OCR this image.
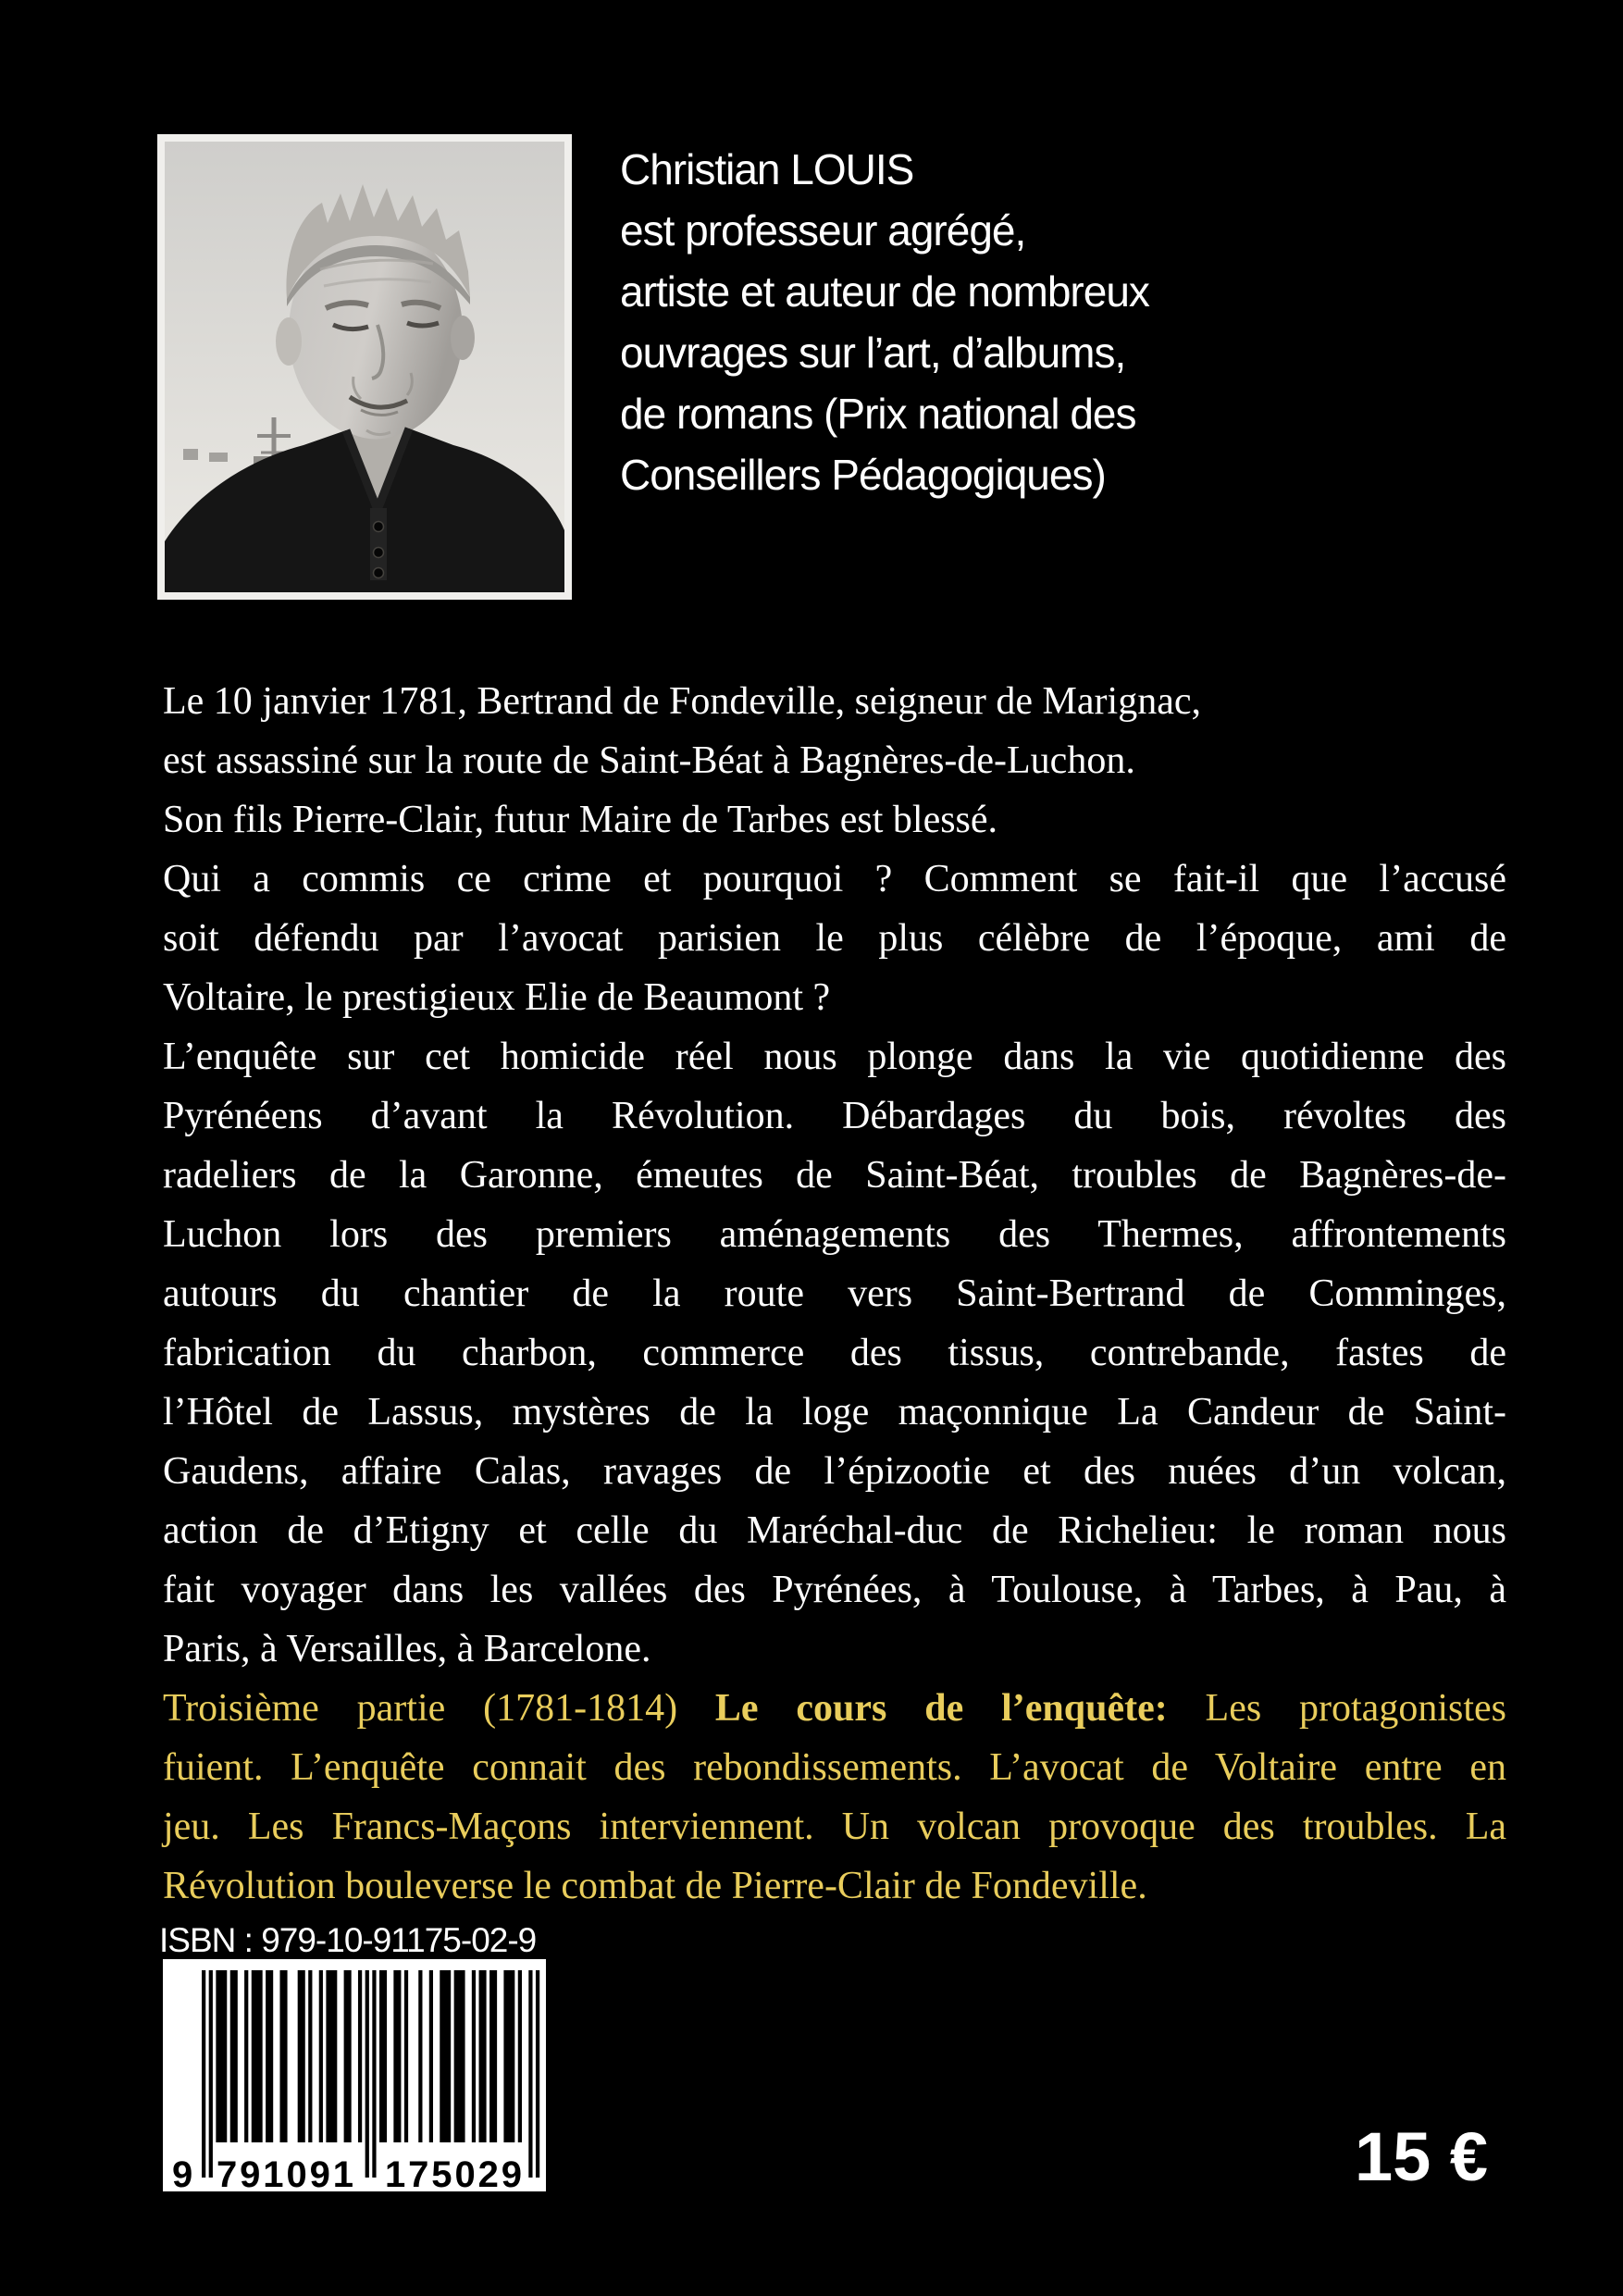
Christian LOUIS
est professeur agrégé,
artiste et auteur de nombreux
ouvrages sur l’art, d’albums,
de romans (Prix national des
Conseillers Pédagogiques)
Le 10 janvier 1781, Bertrand de Fondeville, seigneur de Marignac,
est assassiné sur la route de Saint-Béat à Bagnères-de-Luchon.
Son fils Pierre-Clair, futur Maire de Tarbes est blessé.
Qui a commis ce crime et pourquoi ? Comment se fait-il que l’accusé
soit défendu par l’avocat parisien le plus célèbre de l’époque, ami de
Voltaire, le prestigieux Elie de Beaumont ?
L’enquête sur cet homicide réel nous plonge dans la vie quotidienne des
Pyrénéens d’avant la Révolution. Débardages du bois, révoltes des
radeliers de la Garonne, émeutes de Saint-Béat, troubles de Bagnères-de-
Luchon lors des premiers aménagements des Thermes, affrontements
autours du chantier de la route vers Saint-Bertrand de Comminges,
fabrication du charbon, commerce des tissus, contrebande, fastes de
l’Hôtel de Lassus, mystères de la loge maçonnique La Candeur de Saint-
Gaudens, affaire Calas, ravages de l’épizootie et des nuées d’un volcan,
action de d’Etigny et celle du Maréchal-duc de Richelieu: le roman nous
fait voyager dans les vallées des Pyrénées, à Toulouse, à Tarbes, à Pau, à
Paris, à Versailles, à Barcelone.
Troisième partie (1781-1814) Le cours de l’enquête: Les protagonistes
fuient. L’enquête connait des rebondissements. L’avocat de Voltaire entre en
jeu. Les Francs-Maçons interviennent. Un volcan provoque des troubles. La
Révolution bouleverse le combat de Pierre-Clair de Fondeville.
ISBN : 979-10-91175-02-9
9 791091 175029	15 €
